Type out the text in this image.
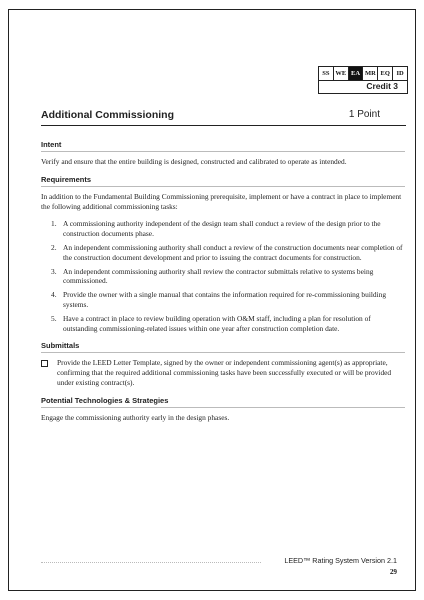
SS WE EA MR EQ	ID
Credit 3
Additional Commissioning	1 Point
Intent

Verify and ensure that the entire building is designed, constructed and calibrated to operate as intended.

Requirements

In addition to the Fundamental Building Commissioning prerequisite, implement or have a contract in place to implement the following additional commissioning tasks:

1. A commissioning authority independent of the design team shall conduct a review of the design prior to the construction documents phase.
2. An independent commissioning authority shall conduct a review of the construction documents near completion of the construction document development and prior to issuing the contract documents for construction.
3. An independent commissioning authority shall review the contractor submittals relative to systems being commissioned.
4. Provide the owner with a single manual that contains the information required for re-commissioning building systems.
5. Have a contract in place to review building operation with O&M staff, including a plan for resolution of outstanding commissioning-related issues within one year after construction completion date.
Submittals
Provide the LEED Letter Template, signed by the owner or independent commissioning agent(s) as appropriate, confirming that the required additional commissioning tasks have been successfully executed or will be provided under existing contract(s).
Potential Technologies & Strategies

Engage the commissioning authority early in the design phases.

LEED™ Rating System Version 2.1
29
